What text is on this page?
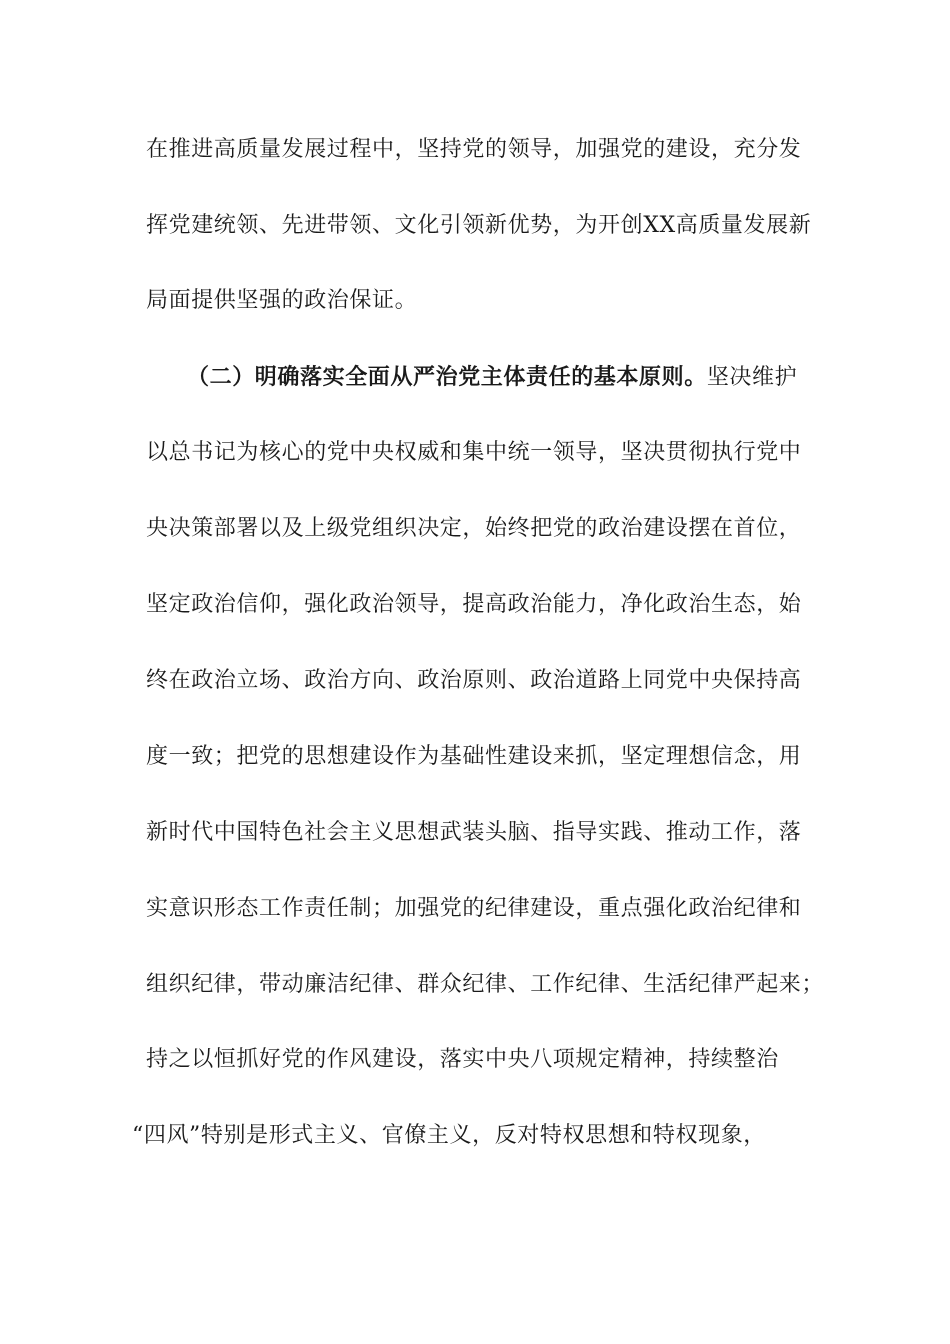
在推进高质量发展过程中，坚持党的领导，加强党的建设，充分发
挥党建统领、先进带领、文化引领新优势，为开创XX高质量发展新
局面提供坚强的政治保证。
（二）明确落实全面从严治党主体责任的基本原则。坚决维护
以总书记为核心的党中央权威和集中统一领导，坚决贯彻执行党中
央决策部署以及上级党组织决定，始终把党的政治建设摆在首位，
坚定政治信仰，强化政治领导，提高政治能力，净化政治生态，始
终在政治立场、政治方向、政治原则、政治道路上同党中央保持高
度一致；把党的思想建设作为基础性建设来抓，坚定理想信念，用
新时代中国特色社会主义思想武装头脑、指导实践、推动工作，落
实意识形态工作责任制；加强党的纪律建设，重点强化政治纪律和
组织纪律，带动廉洁纪律、群众纪律、工作纪律、生活纪律严起来；
持之以恒抓好党的作风建设，落实中央八项规定精神，持续整治
“四风”特别是形式主义、官僚主义，反对特权思想和特权现象，
